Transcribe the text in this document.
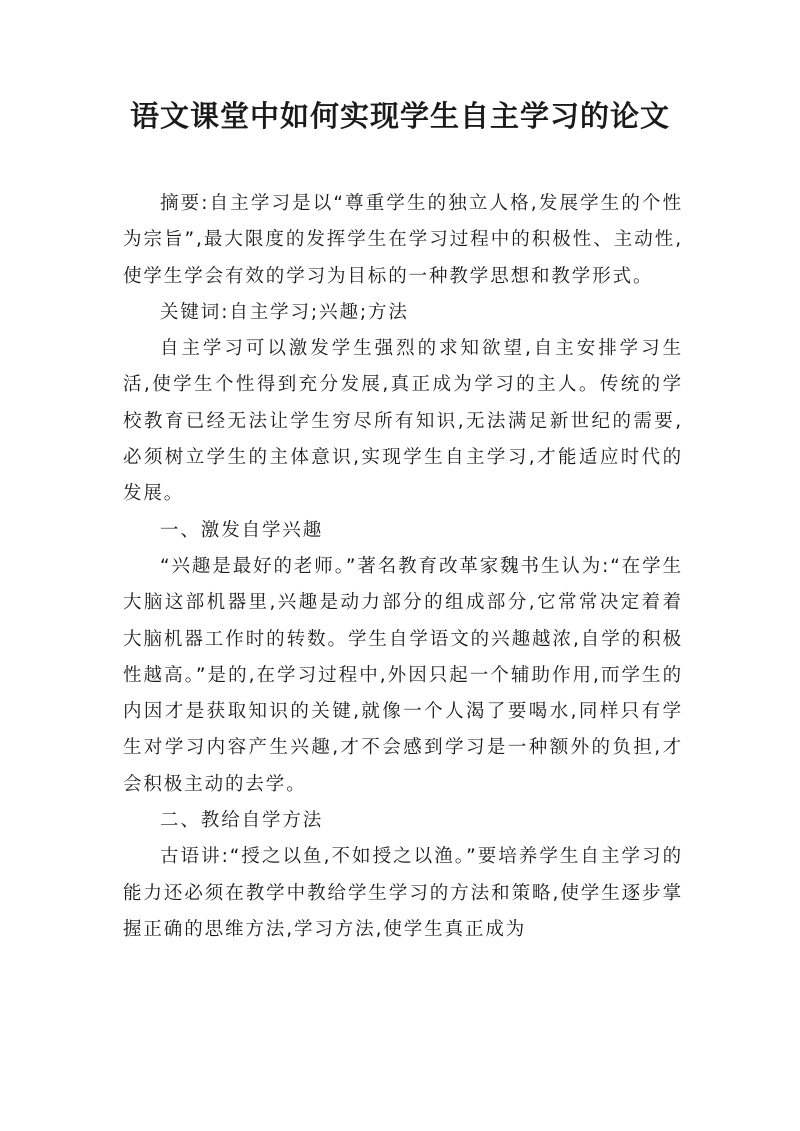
语文课堂中如何实现学生自主学习的论文

摘要:自主学习是以“尊重学生的独立人格,发展学生的个性为宗旨”,最大限度的发挥学生在学习过程中的积极性、主动性,使学生学会有效的学习为目标的一种教学思想和教学形式。

关键词:自主学习;兴趣;方法

自主学习可以激发学生强烈的求知欲望,自主安排学习生活,使学生个性得到充分发展,真正成为学习的主人。传统的学校教育已经无法让学生穷尽所有知识,无法满足新世纪的需要,必须树立学生的主体意识,实现学生自主学习,才能适应时代的发展。

一、激发自学兴趣

“兴趣是最好的老师。”著名教育改革家魏书生认为:“在学生大脑这部机器里,兴趣是动力部分的组成部分,它常常决定着着大脑机器工作时的转数。学生自学语文的兴趣越浓,自学的积极性越高。”是的,在学习过程中,外因只起一个辅助作用,而学生的内因才是获取知识的关键,就像一个人渴了要喝水,同样只有学生对学习内容产生兴趣,才不会感到学习是一种额外的负担,才会积极主动的去学。

二、教给自学方法

古语讲:“授之以鱼,不如授之以渔。”要培养学生自主学习的能力还必须在教学中教给学生学习的方法和策略,使学生逐步掌握正确的思维方法,学习方法,使学生真正成为
